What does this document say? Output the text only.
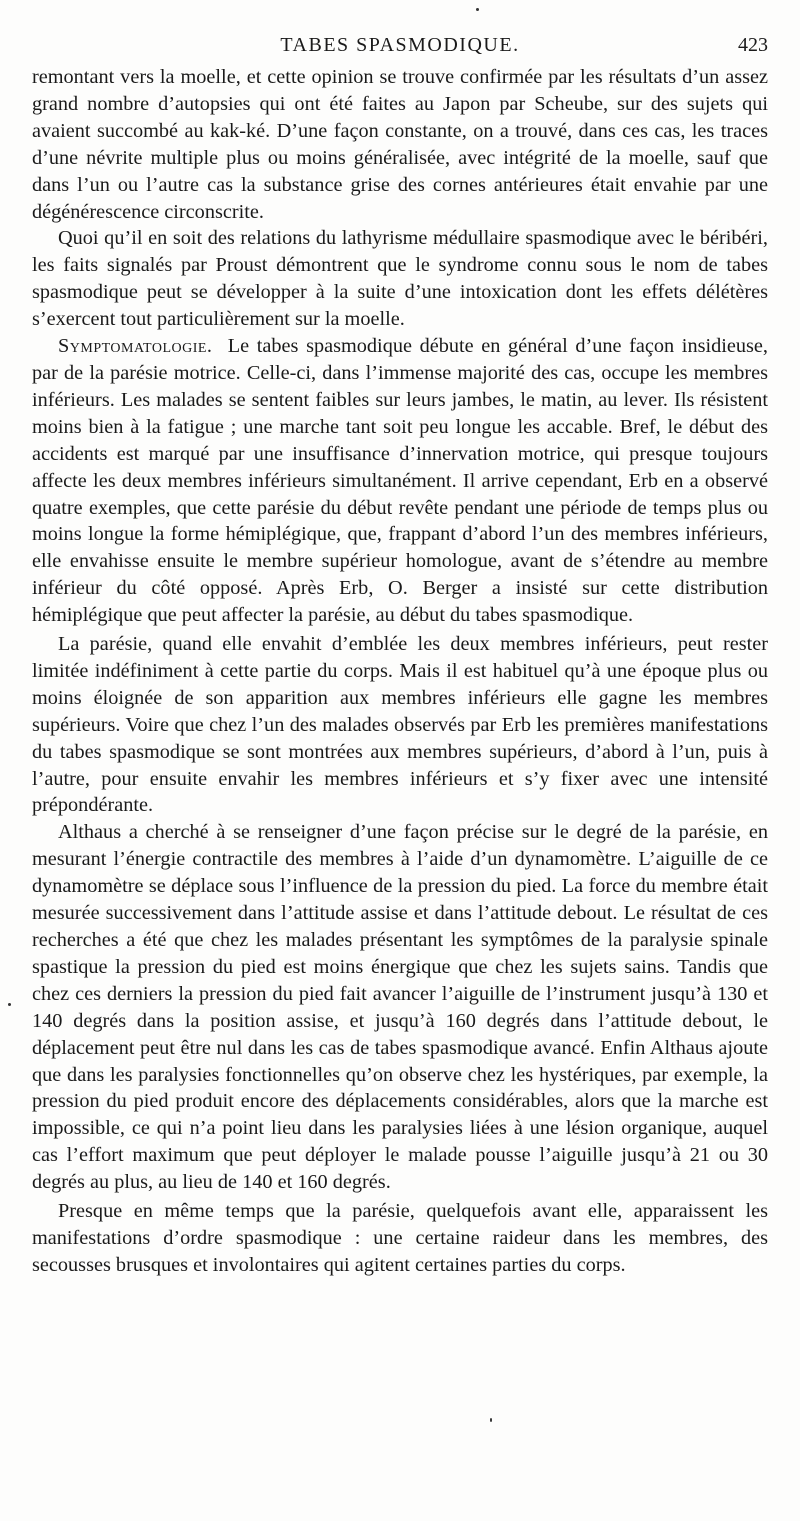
TABES SPASMODIQUE.	423

remontant vers la moelle, et cette opinion se trouve confirmée par les résultats d’un assez grand nombre d’autopsies qui ont été faites au Japon par Scheube, sur des sujets qui avaient succombé au kak-ké. D’une façon constante, on a trouvé, dans ces cas, les traces d’une névrite multiple plus ou moins généralisée, avec intégrité de la moelle, sauf que dans l’un ou l’autre cas la substance grise des cornes antérieures était envahie par une dégénérescence circonscrite.

Quoi qu’il en soit des relations du lathyrisme médullaire spasmodique avec le béribéri, les faits signalés par Proust démontrent que le syndrome connu sous le nom de tabes spasmodique peut se développer à la suite d’une intoxication dont les effets délétères s’exercent tout particulièrement sur la moelle.

Symptomatologie. Le tabes spasmodique débute en général d’une façon insidieuse, par de la parésie motrice. Celle-ci, dans l’immense majorité des cas, occupe les membres inférieurs. Les malades se sentent faibles sur leurs jambes, le matin, au lever. Ils résistent moins bien à la fatigue ; une marche tant soit peu longue les accable. Bref, le début des accidents est marqué par une insuffisance d’innervation motrice, qui presque toujours affecte les deux membres inférieurs simultanément. Il arrive cependant, Erb en a observé quatre exemples, que cette parésie du début revête pendant une période de temps plus ou moins longue la forme hémiplégique, que, frappant d’abord l’un des membres inférieurs, elle envahisse ensuite le membre supérieur homologue, avant de s’étendre au membre inférieur du côté opposé. Après Erb, O. Berger a insisté sur cette distribution hémiplégique que peut affecter la parésie, au début du tabes spasmodique.

La parésie, quand elle envahit d’emblée les deux membres inférieurs, peut rester limitée indéfiniment à cette partie du corps. Mais il est habituel qu’à une époque plus ou moins éloignée de son apparition aux membres inférieurs elle gagne les membres supérieurs. Voire que chez l’un des malades observés par Erb les premières manifestations du tabes spasmodique se sont montrées aux membres supérieurs, d’abord à l’un, puis à l’autre, pour ensuite envahir les membres inférieurs et s’y fixer avec une intensité prépondérante.

Althaus a cherché à se renseigner d’une façon précise sur le degré de la parésie, en mesurant l’énergie contractile des membres à l’aide d’un dynamomètre. L’aiguille de ce dynamomètre se déplace sous l’influence de la pression du pied. La force du membre était mesurée successivement dans l’attitude assise et dans l’attitude debout. Le résultat de ces recherches a été que chez les malades présentant les symptômes de la paralysie spinale spastique la pression du pied est moins énergique que chez les sujets sains. Tandis que chez ces derniers la pression du pied fait avancer l’aiguille de l’instrument jusqu’à 130 et 140 degrés dans la position assise, et jusqu’à 160 degrés dans l’attitude debout, le déplacement peut être nul dans les cas de tabes spasmodique avancé. Enfin Althaus ajoute que dans les paralysies fonctionnelles qu’on observe chez les hystériques, par exemple, la pression du pied produit encore des déplacements considérables, alors que la marche est impossible, ce qui n’a point lieu dans les paralysies liées à une lésion organique, auquel cas l’effort maximum que peut déployer le malade pousse l’aiguille jusqu’à 21 ou 30 degrés au plus, au lieu de 140 et 160 degrés.

Presque en même temps que la parésie, quelquefois avant elle, apparaissent les manifestations d’ordre spasmodique : une certaine raideur dans les membres, des secousses brusques et involontaires qui agitent certaines parties du corps.
